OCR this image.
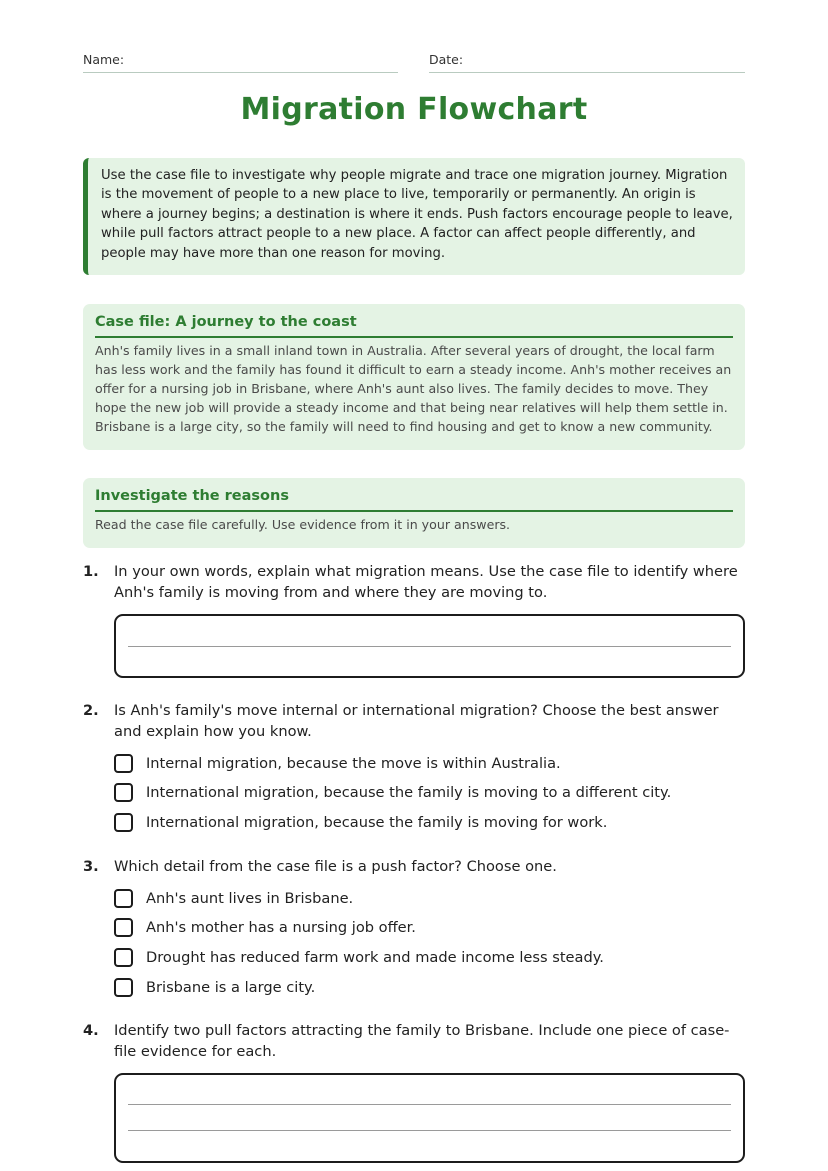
Name:	Date:
Migration Flowchart
Use the case file to investigate why people migrate and trace one migration journey. Migration is the movement of people to a new place to live, temporarily or permanently. An origin is where a journey begins; a destination is where it ends. Push factors encourage people to leave, while pull factors attract people to a new place. A factor can affect people differently, and people may have more than one reason for moving.
Case file: A journey to the coast
Anh's family lives in a small inland town in Australia. After several years of drought, the local farm has less work and the family has found it difficult to earn a steady income. Anh's mother receives an offer for a nursing job in Brisbane, where Anh's aunt also lives. The family decides to move. They hope the new job will provide a steady income and that being near relatives will help them settle in. Brisbane is a large city, so the family will need to find housing and get to know a new community.
Investigate the reasons
Read the case file carefully. Use evidence from it in your answers.
1. In your own words, explain what migration means. Use the case file to identify where Anh's family is moving from and where they are moving to.
2. Is Anh's family's move internal or international migration? Choose the best answer and explain how you know.
Internal migration, because the move is within Australia.
International migration, because the family is moving to a different city.
International migration, because the family is moving for work.
3. Which detail from the case file is a push factor? Choose one.
Anh's aunt lives in Brisbane.
Anh's mother has a nursing job offer.
Drought has reduced farm work and made income less steady.
Brisbane is a large city.
4. Identify two pull factors attracting the family to Brisbane. Include one piece of case-file evidence for each.
